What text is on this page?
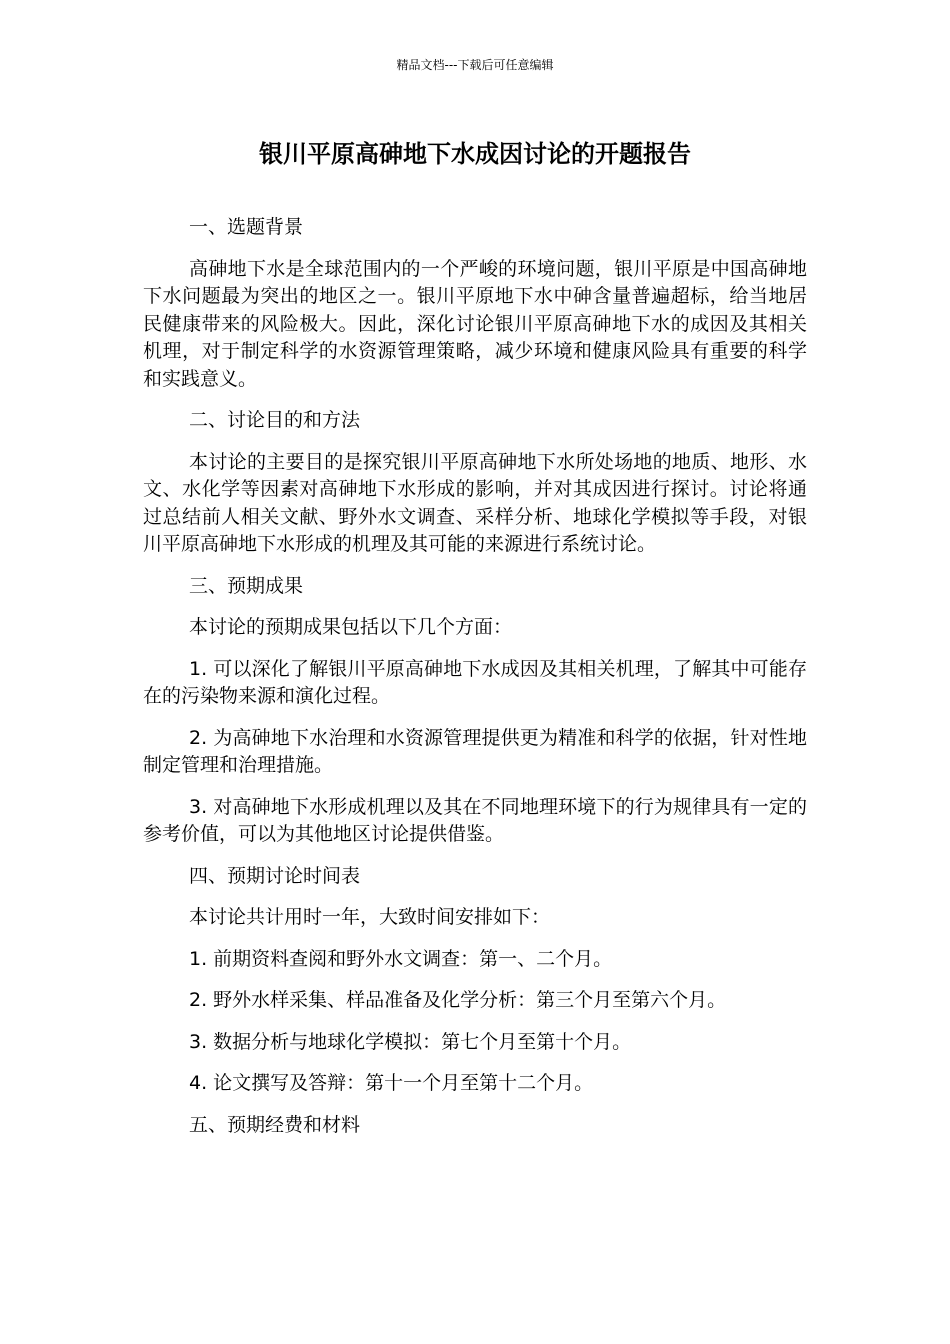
精品文档---下载后可任意编辑
银川平原高砷地下水成因讨论的开题报告

一、选题背景

高砷地下水是全球范围内的一个严峻的环境问题，银川平原是中国高砷地下水问题最为突出的地区之一。银川平原地下水中砷含量普遍超标，给当地居民健康带来的风险极大。因此，深化讨论银川平原高砷地下水的成因及其相关机理，对于制定科学的水资源管理策略，减少环境和健康风险具有重要的科学和实践意义。

二、讨论目的和方法

本讨论的主要目的是探究银川平原高砷地下水所处场地的地质、地形、水文、水化学等因素对高砷地下水形成的影响，并对其成因进行探讨。讨论将通过总结前人相关文献、野外水文调查、采样分析、地球化学模拟等手段，对银川平原高砷地下水形成的机理及其可能的来源进行系统讨论。

三、预期成果

本讨论的预期成果包括以下几个方面：

1. 可以深化了解银川平原高砷地下水成因及其相关机理，了解其中可能存在的污染物来源和演化过程。

2. 为高砷地下水治理和水资源管理提供更为精准和科学的依据，针对性地制定管理和治理措施。

3. 对高砷地下水形成机理以及其在不同地理环境下的行为规律具有一定的参考价值，可以为其他地区讨论提供借鉴。

四、预期讨论时间表

本讨论共计用时一年，大致时间安排如下：

1. 前期资料查阅和野外水文调查：第一、二个月。

2. 野外水样采集、样品准备及化学分析：第三个月至第六个月。

3. 数据分析与地球化学模拟：第七个月至第十个月。

4. 论文撰写及答辩：第十一个月至第十二个月。

五、预期经费和材料
